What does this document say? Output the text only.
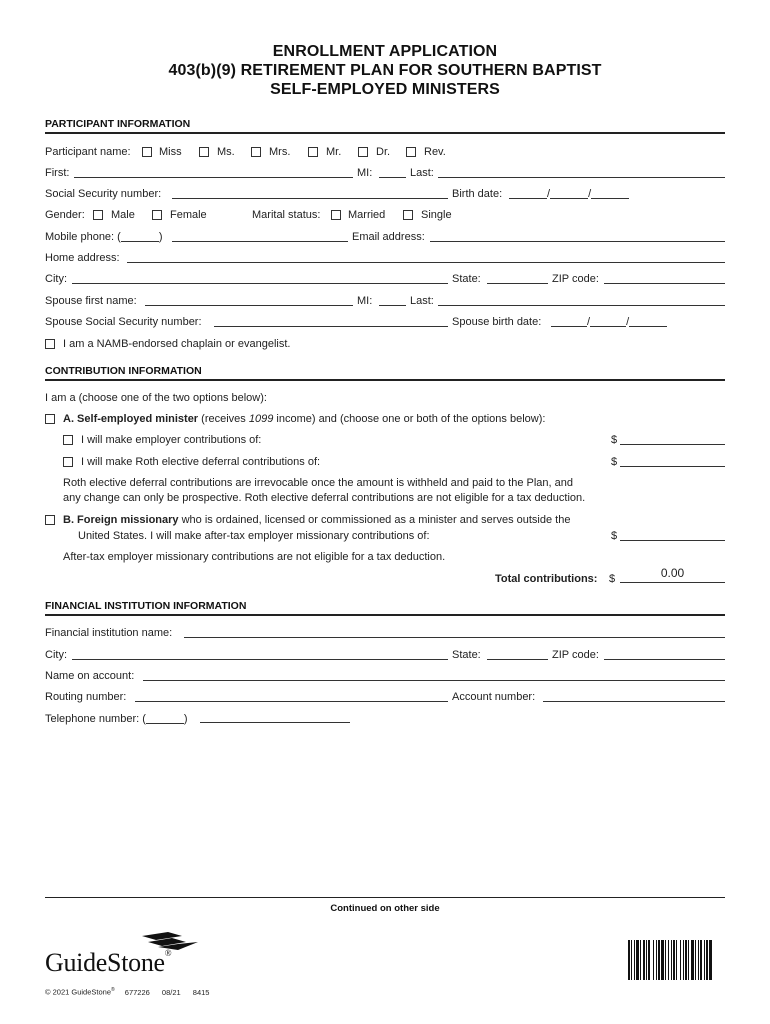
ENROLLMENT APPLICATION
403(b)(9) RETIREMENT PLAN FOR SOUTHERN BAPTIST
SELF-EMPLOYED MINISTERS
PARTICIPANT INFORMATION
Participant name:	Miss	Ms.	Mrs.	Mr.	Dr.	Rev.
First:	MI:	Last:
Social Security number:	Birth date:	/	/
Gender: Male	Female	Marital status:	Married	Single
Mobile phone: (	)	Email address:
Home address:
City:	State:	ZIP code:
Spouse first name:	MI:	Last:
Spouse Social Security number:	Spouse birth date:	/	/
I am a NAMB-endorsed chaplain or evangelist.
CONTRIBUTION INFORMATION
I am a (choose one of the two options below):
A. Self-employed minister (receives 1099 income) and (choose one or both of the options below):
I will make employer contributions of:	$
I will make Roth elective deferral contributions of:	$
Roth elective deferral contributions are irrevocable once the amount is withheld and paid to the Plan, and
any change can only be prospective. Roth elective deferral contributions are not eligible for a tax deduction.
B. Foreign missionary who is ordained, licensed or commissioned as a minister and serves outside the
United States. I will make after-tax employer missionary contributions of:	$
After-tax employer missionary contributions are not eligible for a tax deduction.
Total contributions: $	0.00
FINANCIAL INSTITUTION INFORMATION
Financial institution name:
City:	State:	ZIP code:
Name on account:
Routing number:	Account number:
Telephone number: (	)
Continued on other side
GuideStone®
© 2021 GuideStone® 677226 08/21 8415
